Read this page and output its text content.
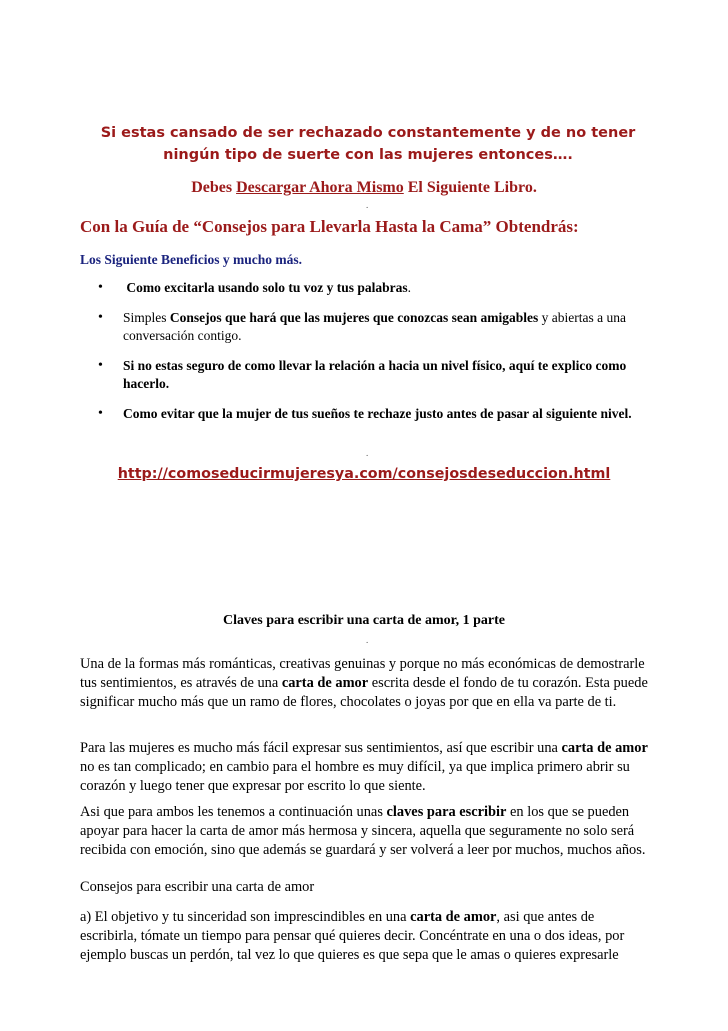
Si estas cansado de ser rechazado constantemente y de no tener ningún tipo de suerte con las mujeres entonces….
Debes Descargar Ahora Mismo El Siguiente Libro.
.
Con la Guía de “Consejos para Llevarla Hasta la Cama” Obtendrás:
Los Siguiente Beneficios y mucho más.
• Como excitarla usando solo tu voz y tus palabras.
• Simples Consejos que hará que las mujeres que conozcas sean amigables y abiertas a una conversación contigo.
• Si no estas seguro de como llevar la relación a hacia un nivel físico, aquí te explico como hacerlo.
• Como evitar que la mujer de tus sueños te rechaze justo antes de pasar al siguiente nivel.
.
http://comoseducirmujeresya.com/consejosdeseduccion.html
Claves para escribir una carta de amor, 1 parte
.

Una de la formas más románticas, creativas genuinas y porque no más económicas de demostrarle tus sentimientos, es através de una carta de amor escrita desde el fondo de tu corazón. Esta puede significar mucho más que un ramo de flores, chocolates o joyas por que en ella va parte de ti.

Para las mujeres es mucho más fácil expresar sus sentimientos, así que escribir una carta de amor no es tan complicado; en cambio para el hombre es muy difícil, ya que implica primero abrir su corazón y luego tener que expresar por escrito lo que siente.

Asi que para ambos les tenemos a continuación unas claves para escribir en los que se pueden apoyar para hacer la carta de amor más hermosa y sincera, aquella que seguramente no solo será recibida con emoción, sino que además se guardará y ser volverá a leer por muchos, muchos años.

Consejos para escribir una carta de amor

a) El objetivo y tu sinceridad son imprescindibles en una carta de amor, asi que antes de escribirla, tómate un tiempo para pensar qué quieres decir. Concéntrate en una o dos ideas, por ejemplo buscas un perdón, tal vez lo que quieres es que sepa que le amas o quieres expresarle
